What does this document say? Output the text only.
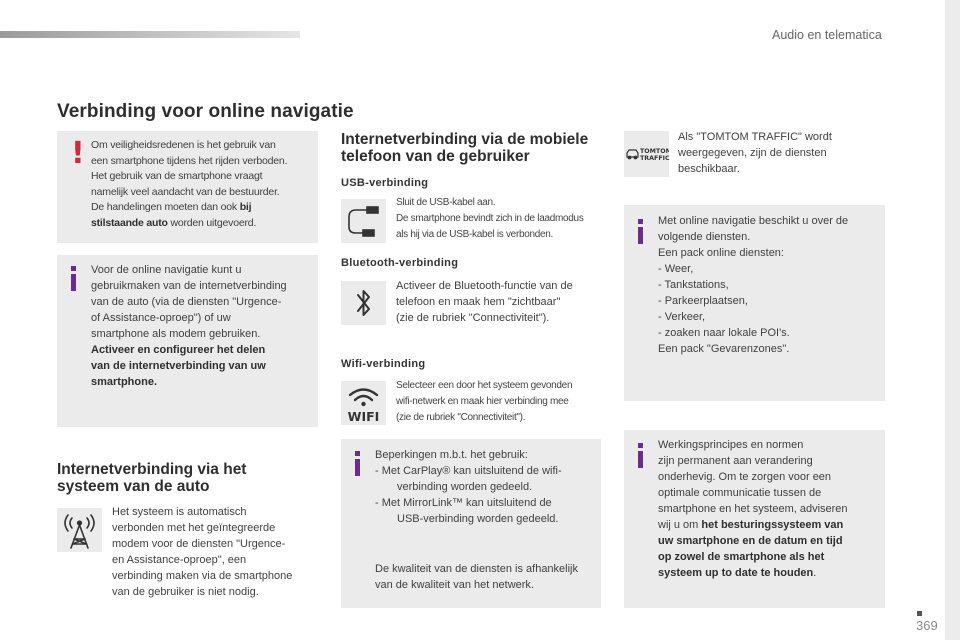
Audio en telematica
Verbinding voor online navigatie
! Om veiligheidsredenen is het gebruik van
een smartphone tijdens het rijden verboden.
Het gebruik van de smartphone vraagt
namelijk veel aandacht van de bestuurder.
De handelingen moeten dan ook bij
stilstaande auto worden uitgevoerd.
Voor de online navigatie kunt u
gebruikmaken van de internetverbinding
van de auto (via de diensten "Urgence-
of Assistance-oproep") of uw
smartphone als modem gebruiken.
Activeer en configureer het delen
van de internetverbinding van uw
smartphone.
Internetverbinding via het
systeem van de auto
Het systeem is automatisch
verbonden met het geïntegreerde
modem voor de diensten "Urgence-
en Assistance-oproep", een
verbinding maken via de smartphone
van de gebruiker is niet nodig.
Internetverbinding via de mobiele
telefoon van de gebruiker
USB-verbinding
Sluit de USB-kabel aan.
De smartphone bevindt zich in de laadmodus
als hij via de USB-kabel is verbonden.
Bluetooth-verbinding
Activeer de Bluetooth-functie van de
telefoon en maak hem "zichtbaar"
(zie de rubriek "Connectiviteit").
Wifi-verbinding
WIFI
Selecteer een door het systeem gevonden
wifi-netwerk en maak hier verbinding mee
(zie de rubriek "Connectiviteit").
Beperkingen m.b.t. het gebruik:
- Met CarPlay® kan uitsluitend de wifi-
verbinding worden gedeeld.
- Met MirrorLink™ kan uitsluitend de
USB-verbinding worden gedeeld.
De kwaliteit van de diensten is afhankelijk
van de kwaliteit van het netwerk.
TOMTOM
TRAFFIC
Als "TOMTOM TRAFFIC" wordt
weergegeven, zijn de diensten
beschikbaar.
Met online navigatie beschikt u over de
volgende diensten.
Een pack online diensten:
- Weer,
- Tankstations,
- Parkeerplaatsen,
- Verkeer,
- zoaken naar lokale POI's.
Een pack "Gevarenzones".
Werkingsprincipes en normen
zijn permanent aan verandering
onderhevig. Om te zorgen voor een
optimale communicatie tussen de
smartphone en het systeem, adviseren
wij u om het besturingssysteem van
uw smartphone en de datum en tijd
op zowel de smartphone als het
systeem up to date te houden.
369
